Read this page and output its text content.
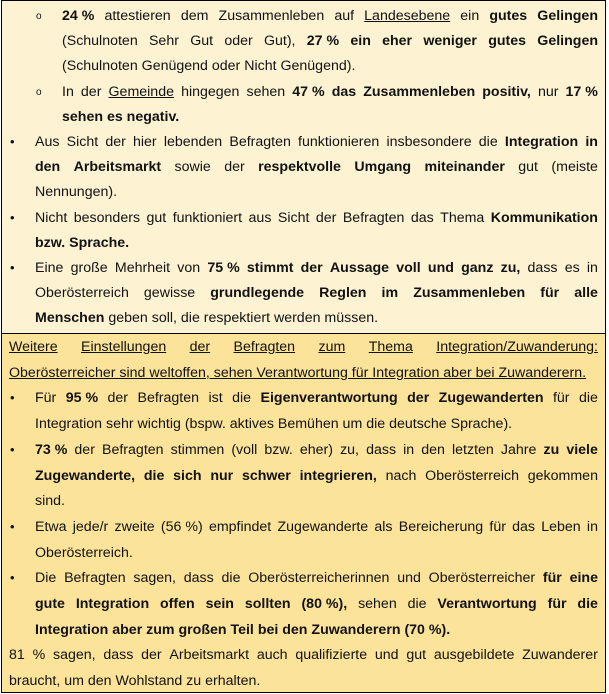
o 24 % attestieren dem Zusammenleben auf Landesebene ein gutes Gelingen
(Schulnoten Sehr Gut oder Gut), 27 % ein eher weniger gutes Gelingen
(Schulnoten Genügend oder Nicht Genügend).
o In der Gemeinde hingegen sehen 47 % das Zusammenleben positiv, nur 17 %
sehen es negativ.
• Aus Sicht der hier lebenden Befragten funktionieren insbesondere die Integration in
den Arbeitsmarkt sowie der respektvolle Umgang miteinander gut (meiste
Nennungen).
• Nicht besonders gut funktioniert aus Sicht der Befragten das Thema Kommunikation
bzw. Sprache.
• Eine große Mehrheit von 75 % stimmt der Aussage voll und ganz zu, dass es in
Oberösterreich gewisse grundlegende Reglen im Zusammenleben für alle
Menschen geben soll, die respektiert werden müssen.
Weitere Einstellungen der Befragten zum Thema Integration/Zuwanderung:
Oberösterreicher sind weltoffen, sehen Verantwortung für Integration aber bei Zuwanderern.
• Für 95 % der Befragten ist die Eigenverantwortung der Zugewanderten für die
Integration sehr wichtig (bspw. aktives Bemühen um die deutsche Sprache).
• 73 % der Befragten stimmen (voll bzw. eher) zu, dass in den letzten Jahre zu viele
Zugewanderte, die sich nur schwer integrieren, nach Oberösterreich gekommen
sind.
• Etwa jede/r zweite (56 %) empfindet Zugewanderte als Bereicherung für das Leben in
Oberösterreich.
• Die Befragten sagen, dass die Oberösterreicherinnen und Oberösterreicher für eine
gute Integration offen sein sollten (80 %), sehen die Verantwortung für die
Integration aber zum großen Teil bei den Zuwanderern (70 %).
81 % sagen, dass der Arbeitsmarkt auch qualifizierte und gut ausgebildete Zuwanderer
braucht, um den Wohlstand zu erhalten.
